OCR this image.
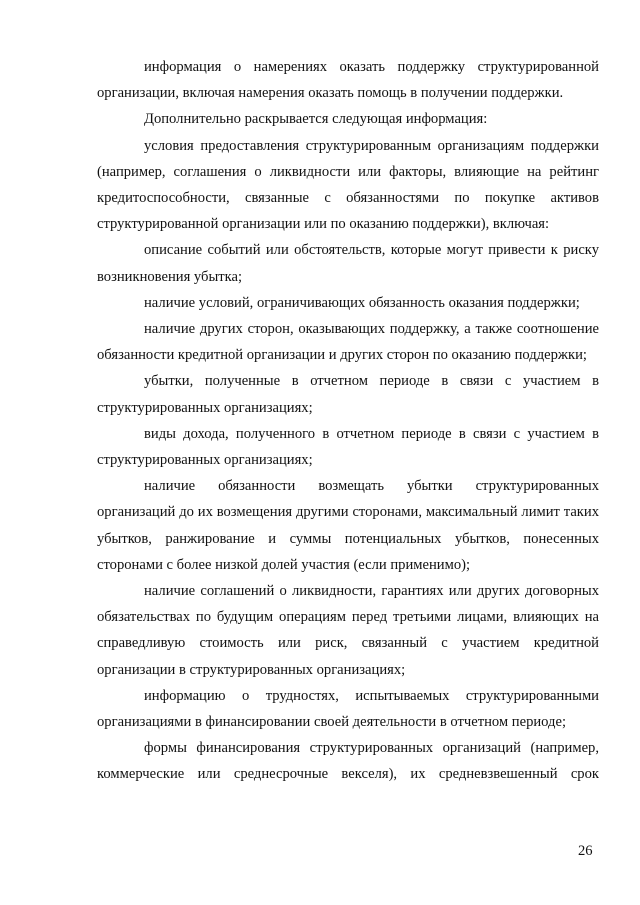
информация о намерениях оказать поддержку структурированной организации, включая намерения оказать помощь в получении поддержки.

Дополнительно раскрывается следующая информация:

условия предоставления структурированным организациям поддержки (например, соглашения о ликвидности или факторы, влияющие на рейтинг кредитоспособности, связанные с обязанностями по покупке активов структурированной организации или по оказанию поддержки), включая:

описание событий или обстоятельств, которые могут привести к риску возникновения убытка;

наличие условий, ограничивающих обязанность оказания поддержки;

наличие других сторон, оказывающих поддержку, а также соотношение обязанности кредитной организации и других сторон по оказанию поддержки;

убытки, полученные в отчетном периоде в связи с участием в структурированных организациях;

виды дохода, полученного в отчетном периоде в связи с участием в структурированных организациях;

наличие обязанности возмещать убытки структурированных организаций до их возмещения другими сторонами, максимальный лимит таких убытков, ранжирование и суммы потенциальных убытков, понесенных сторонами с более низкой долей участия (если применимо);

наличие соглашений о ликвидности, гарантиях или других договорных обязательствах по будущим операциям перед третьими лицами, влияющих на справедливую стоимость или риск, связанный с участием кредитной организации в структурированных организациях;

информацию о трудностях, испытываемых структурированными организациями в финансировании своей деятельности в отчетном периоде;

формы финансирования структурированных организаций (например, коммерческие или среднесрочные векселя), их средневзвешенный срок

26
